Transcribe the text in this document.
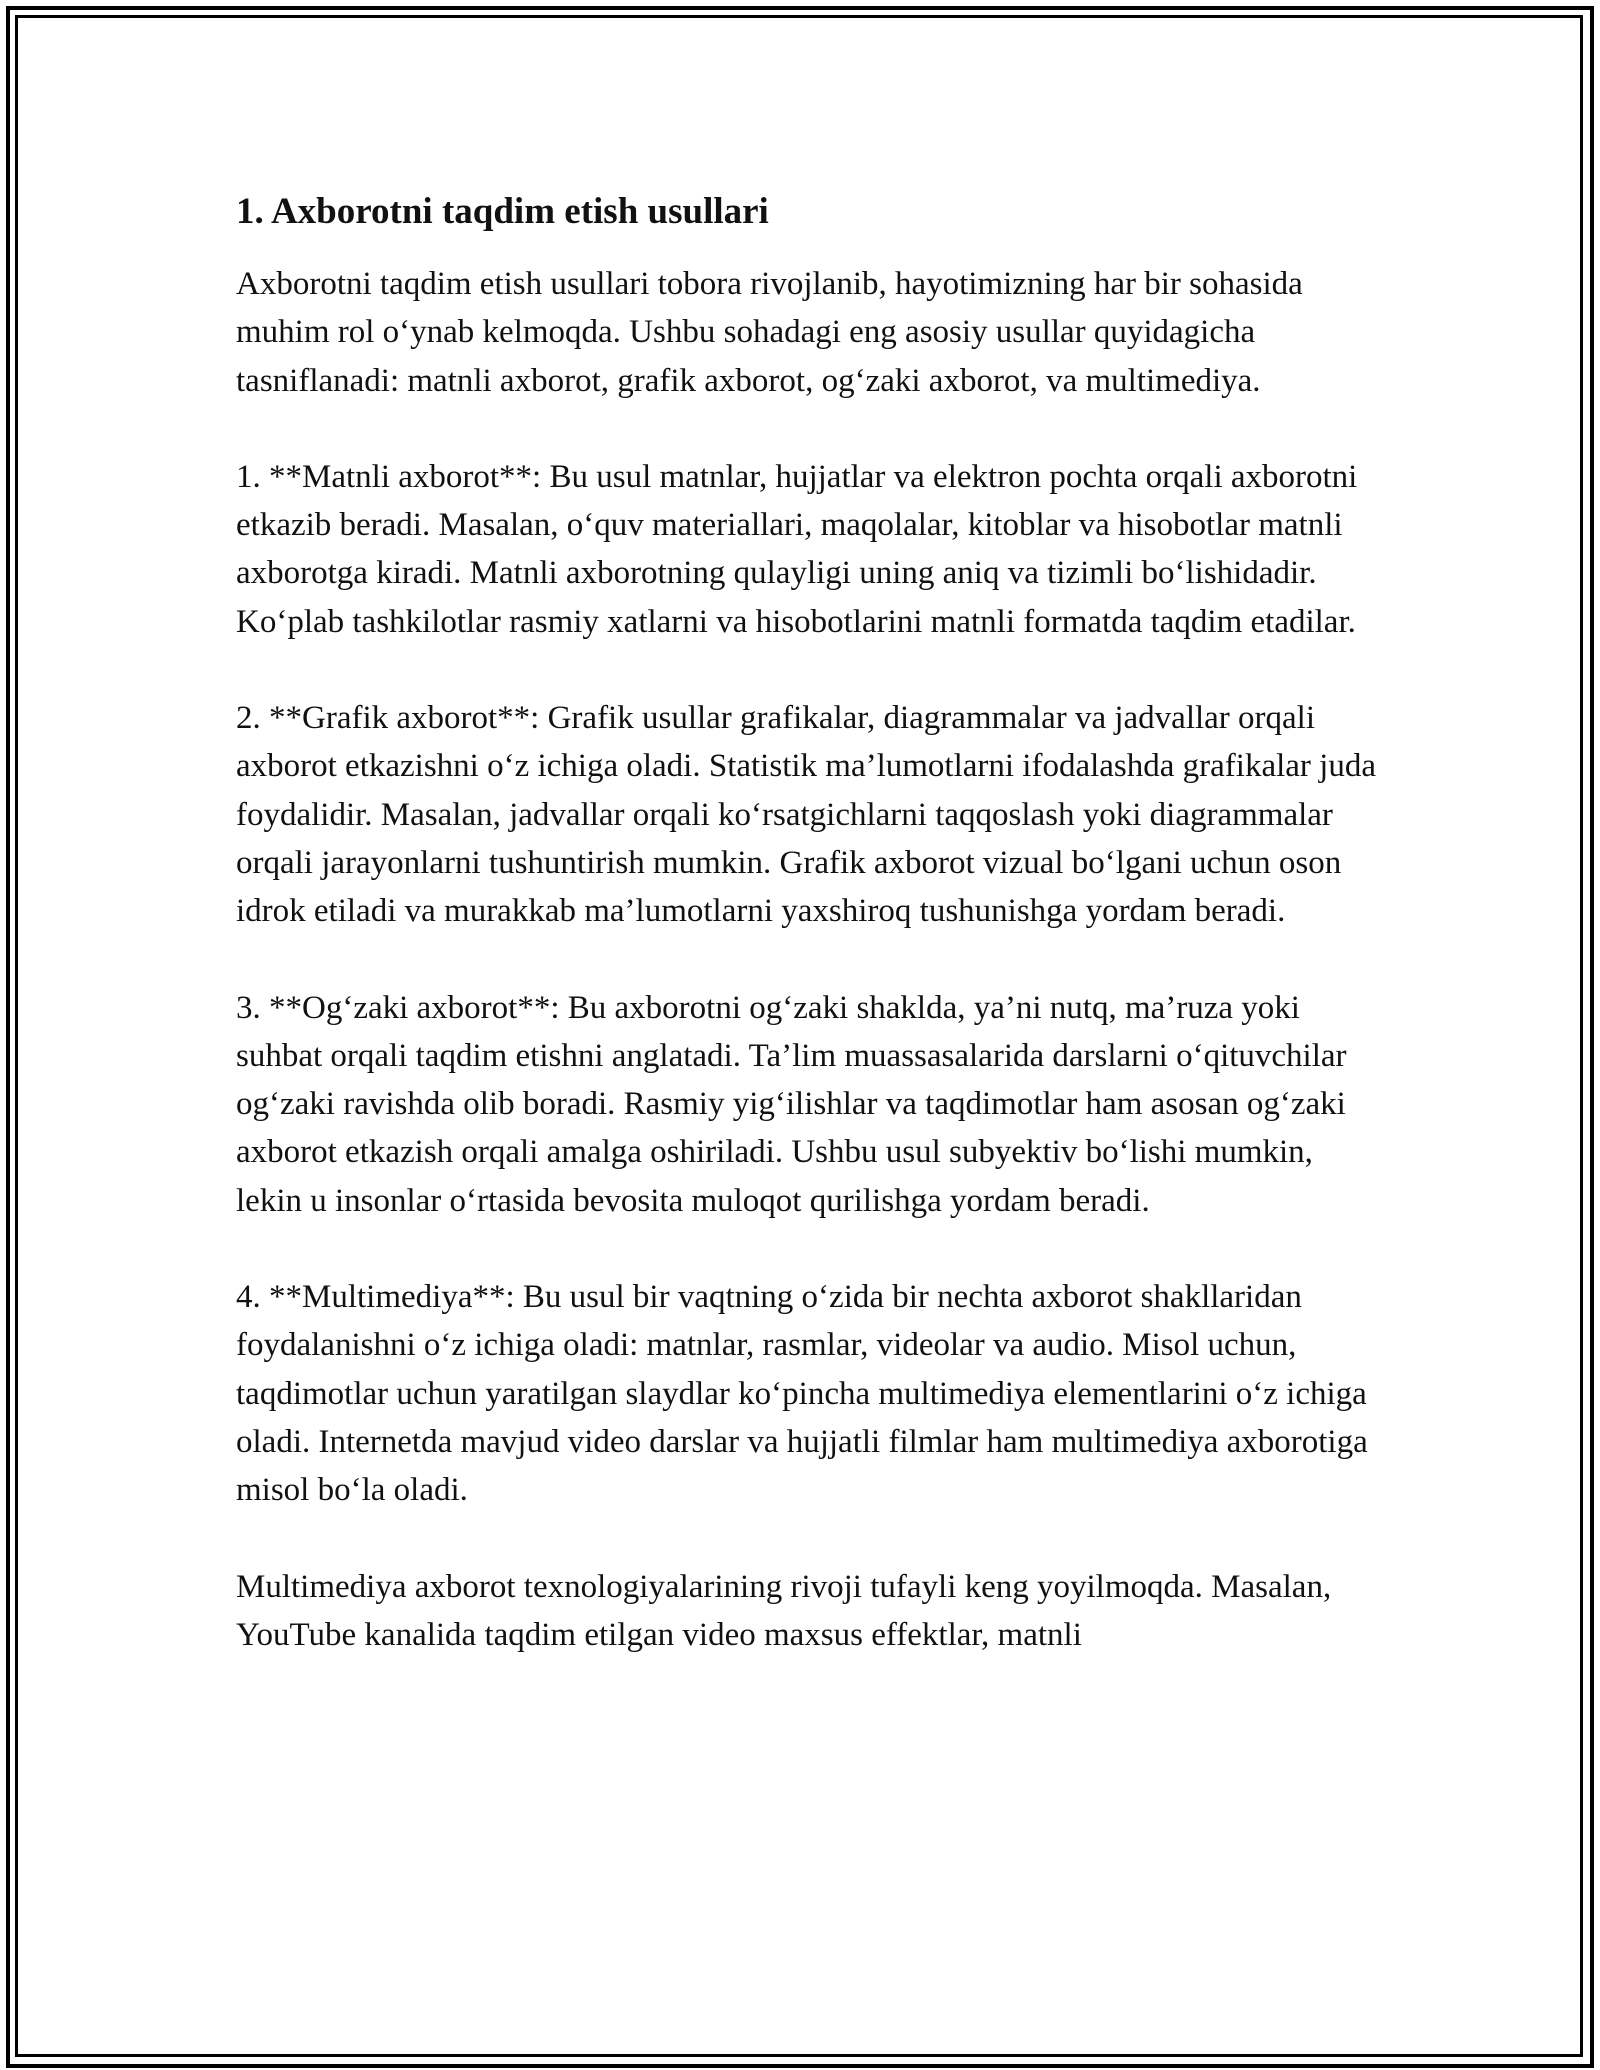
1. Axborotni taqdim etish usullari

Axborotni taqdim etish usullari tobora rivojlanib, hayotimizning har bir sohasida muhim rol o‘ynab kelmoqda. Ushbu sohadagi eng asosiy usullar quyidagicha tasniflanadi: matnli axborot, grafik axborot, og‘zaki axborot, va multimediya.

1. **Matnli axborot**: Bu usul matnlar, hujjatlar va elektron pochta orqali axborotni etkazib beradi. Masalan, o‘quv materiallari, maqolalar, kitoblar va hisobotlar matnli axborotga kiradi. Matnli axborotning qulayligi uning aniq va tizimli bo‘lishidadir. Ko‘plab tashkilotlar rasmiy xatlarni va hisobotlarini matnli formatda taqdim etadilar.

2. **Grafik axborot**: Grafik usullar grafikalar, diagrammalar va jadvallar orqali axborot etkazishni o‘z ichiga oladi. Statistik ma’lumotlarni ifodalashda grafikalar juda foydalidir. Masalan, jadvallar orqali ko‘rsatgichlarni taqqoslash yoki diagrammalar orqali jarayonlarni tushuntirish mumkin. Grafik axborot vizual bo‘lgani uchun oson idrok etiladi va murakkab ma’lumotlarni yaxshiroq tushunishga yordam beradi.

3. **Og‘zaki axborot**: Bu axborotni og‘zaki shaklda, ya’ni nutq, ma’ruza yoki suhbat orqali taqdim etishni anglatadi. Ta’lim muassasalarida darslarni o‘qituvchilar og‘zaki ravishda olib boradi. Rasmiy yig‘ilishlar va taqdimotlar ham asosan og‘zaki axborot etkazish orqali amalga oshiriladi. Ushbu usul subyektiv bo‘lishi mumkin, lekin u insonlar o‘rtasida bevosita muloqot qurilishga yordam beradi.

4. **Multimediya**: Bu usul bir vaqtning o‘zida bir nechta axborot shakllaridan foydalanishni o‘z ichiga oladi: matnlar, rasmlar, videolar va audio. Misol uchun, taqdimotlar uchun yaratilgan slaydlar ko‘pincha multimediya elementlarini o‘z ichiga oladi. Internetda mavjud video darslar va hujjatli filmlar ham multimediya axborotiga misol bo‘la oladi.

Multimediya axborot texnologiyalarining rivoji tufayli keng yoyilmoqda. Masalan, YouTube kanalida taqdim etilgan video maxsus effektlar, matnli
